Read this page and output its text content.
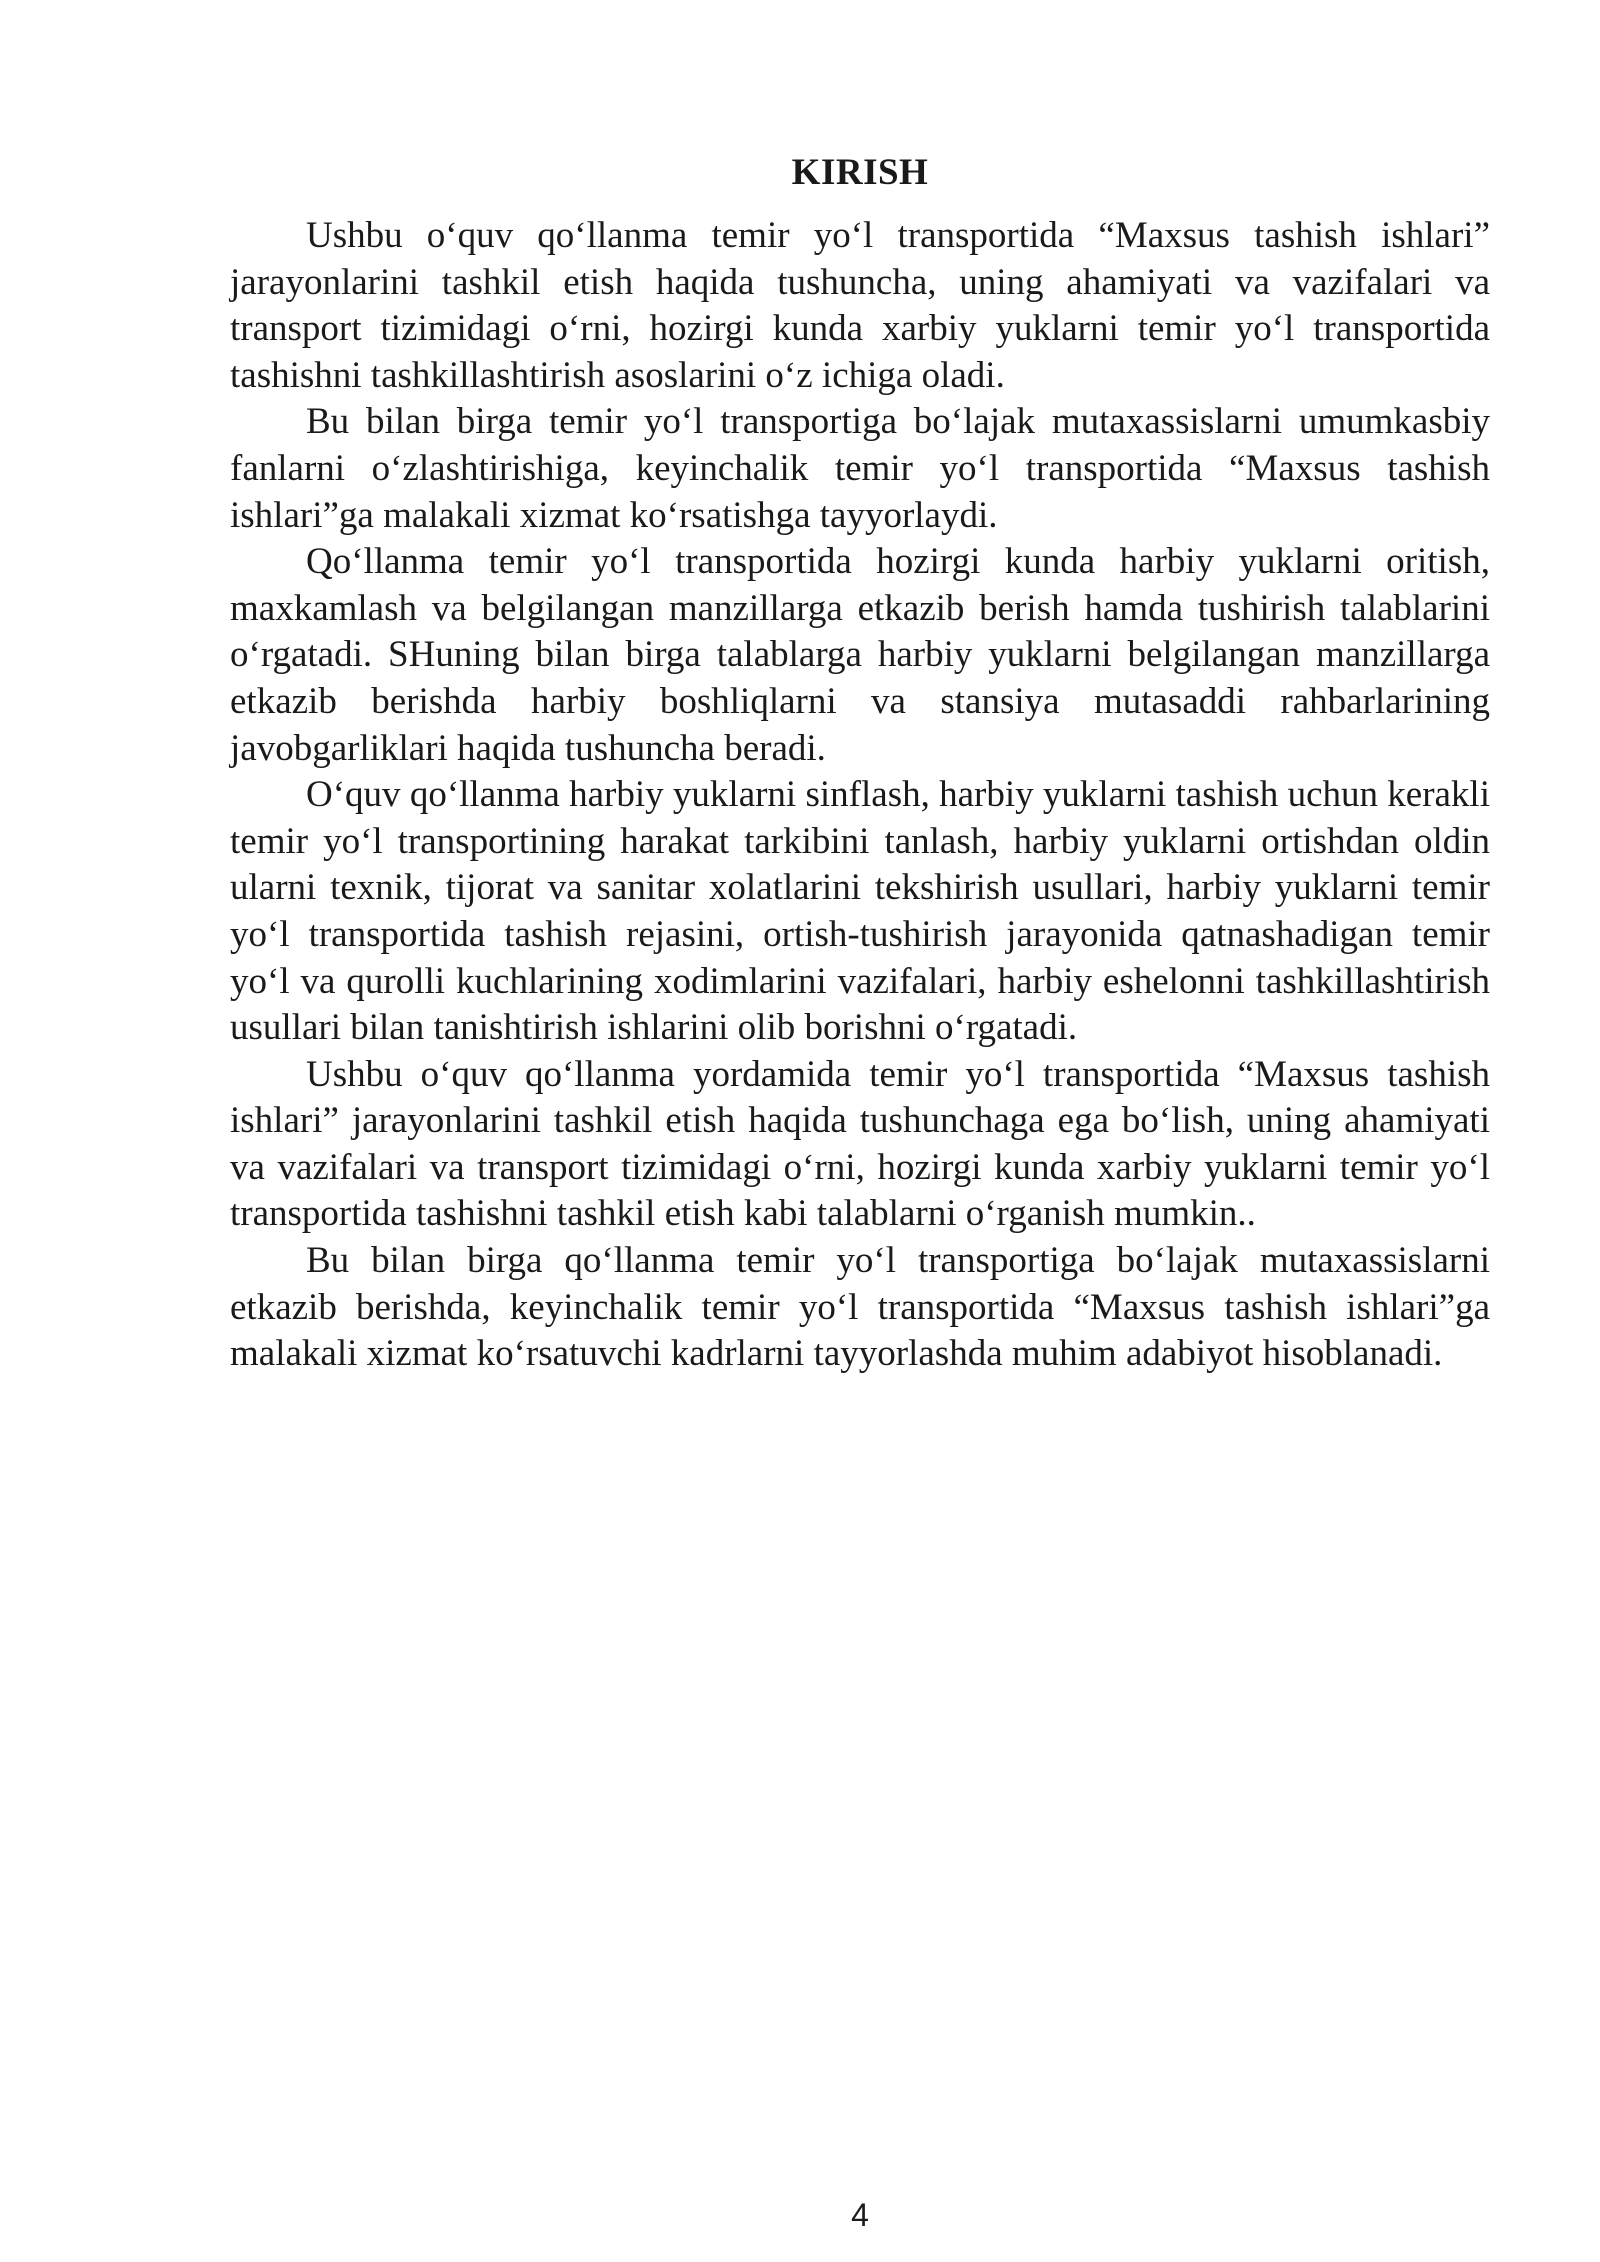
KIRISH

Ushbu o‘quv qo‘llanma temir yo‘l transportida “Maxsus tashish ishlari” jarayonlarini tashkil etish haqida tushuncha, uning ahamiyati va vazifalari va transport tizimidagi o‘rni, hozirgi kunda xarbiy yuklarni temir yo‘l transportida tashishni tashkillashtirish asoslarini o‘z ichiga oladi.

Bu bilan birga temir yo‘l transportiga bo‘lajak mutaxassislarni umumkasbiy fanlarni o‘zlashtirishiga, keyinchalik temir yo‘l transportida “Maxsus tashish ishlari”ga malakali xizmat ko‘rsatishga tayyorlaydi.

Qo‘llanma temir yo‘l transportida hozirgi kunda harbiy yuklarni oritish, maxkamlash va belgilangan manzillarga etkazib berish hamda tushirish talablarini o‘rgatadi. SHuning bilan birga talablarga harbiy yuklarni belgilangan manzillarga etkazib berishda harbiy boshliqlarni va stansiya mutasaddi rahbarlarining javobgarliklari haqida tushuncha beradi.

O‘quv qo‘llanma harbiy yuklarni sinflash, harbiy yuklarni tashish uchun kerakli temir yo‘l transportining harakat tarkibini tanlash, harbiy yuklarni ortishdan oldin ularni texnik, tijorat va sanitar xolatlarini tekshirish usullari, harbiy yuklarni temir yo‘l transportida tashish rejasini, ortish-tushirish jarayonida qatnashadigan temir yo‘l va qurolli kuchlarining xodimlarini vazifalari, harbiy eshelonni tashkillashtirish usullari bilan tanishtirish ishlarini olib borishni o‘rgatadi.

Ushbu o‘quv qo‘llanma yordamida temir yo‘l transportida “Maxsus tashish ishlari” jarayonlarini tashkil etish haqida tushunchaga ega bo‘lish, uning ahamiyati va vazifalari va transport tizimidagi o‘rni, hozirgi kunda xarbiy yuklarni temir yo‘l transportida tashishni tashkil etish kabi talablarni o‘rganish mumkin..

Bu bilan birga qo‘llanma temir yo‘l transportiga bo‘lajak mutaxassislarni etkazib berishda, keyinchalik temir yo‘l transportida “Maxsus tashish ishlari”ga malakali xizmat ko‘rsatuvchi kadrlarni tayyorlashda muhim adabiyot hisoblanadi.

4
